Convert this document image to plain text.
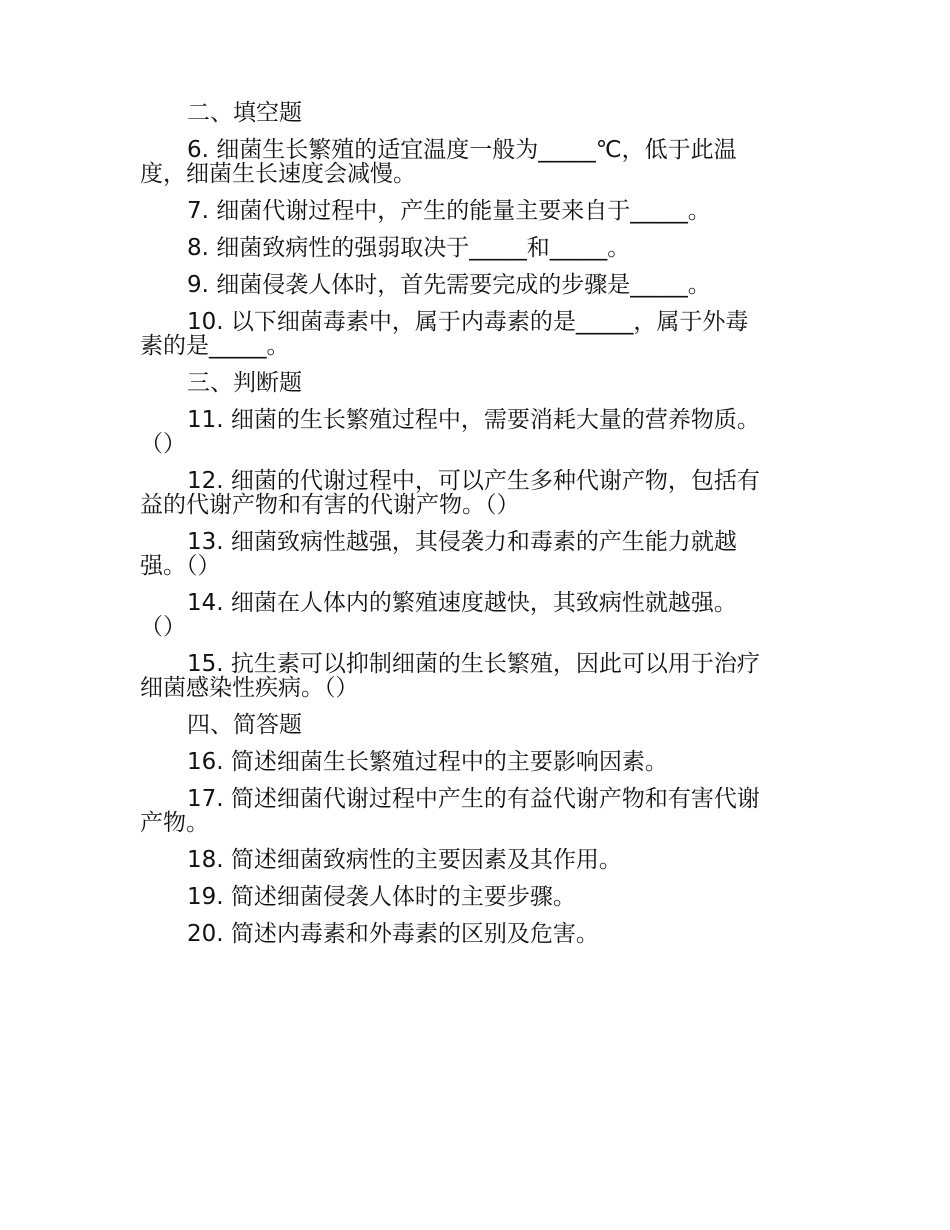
二、填空题

6. 细菌生长繁殖的适宜温度一般为_____℃，低于此温
度，细菌生长速度会减慢。

7. 细菌代谢过程中，产生的能量主要来自于_____。

8. 细菌致病性的强弱取决于_____和_____。

9. 细菌侵袭人体时，首先需要完成的步骤是_____。

10. 以下细菌毒素中，属于内毒素的是_____，属于外毒
素的是_____。

三、判断题

11. 细菌的生长繁殖过程中，需要消耗大量的营养物质。
（）
12. 细菌的代谢过程中，可以产生多种代谢产物，包括有
益的代谢产物和有害的代谢产物。（）
13. 细菌致病性越强，其侵袭力和毒素的产生能力就越
强。（）
14. 细菌在人体内的繁殖速度越快，其致病性就越强。
（）
15. 抗生素可以抑制细菌的生长繁殖，因此可以用于治疗
细菌感染性疾病。（）

四、简答题

16. 简述细菌生长繁殖过程中的主要影响因素。

17. 简述细菌代谢过程中产生的有益代谢产物和有害代谢
产物。

18. 简述细菌致病性的主要因素及其作用。

19. 简述细菌侵袭人体时的主要步骤。

20. 简述内毒素和外毒素的区别及危害。
